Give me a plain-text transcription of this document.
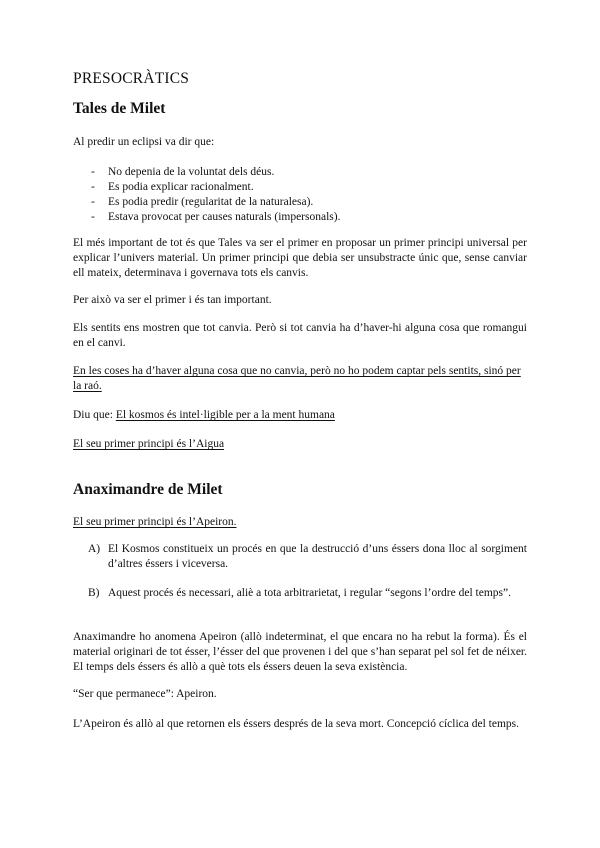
PRESOCRÀTICS
Tales de Milet

Al predir un eclipsi va dir que:

- No depenia de la voluntat dels déus.
- Es podia explicar racionalment.
- Es podia predir (regularitat de la naturalesa).
- Estava provocat per causes naturals (impersonals).

El més important de tot és que Tales va ser el primer en proposar un primer principi universal per explicar l’univers material. Un primer principi que debia ser unsubstracte únic que, sense canviar ell mateix, determinava i governava tots els canvis.

Per això va ser el primer i és tan important.

Els sentits ens mostren que tot canvia. Però si tot canvia ha d’haver-hi alguna cosa que romangui en el canvi.

En les coses ha d’haver alguna cosa que no canvia, però no ho podem captar pels sentits, sinó per la raó.

Diu que: El kosmos és intel·ligible per a la ment humana

El seu primer principi és l’Aigua

Anaximandre de Milet

El seu primer principi és l’Apeiron.

A) El Kosmos constitueix un procés en que la destrucció d’uns éssers dona lloc al sorgiment d’altres éssers i viceversa.
B) Aquest procés és necessari, aliè a tota arbitrarietat, i regular “segons l’ordre del temps”.

Anaximandre ho anomena Apeiron (allò indeterminat, el que encara no ha rebut la forma). És el material originari de tot ésser, l’ésser del que provenen i del que s’han separat pel sol fet de néixer. El temps dels éssers és allò a què tots els éssers deuen la seva existència.

“Ser que permanece”: Apeiron.

L’Apeiron és allò al que retornen els éssers després de la seva mort. Concepció cíclica del temps.
